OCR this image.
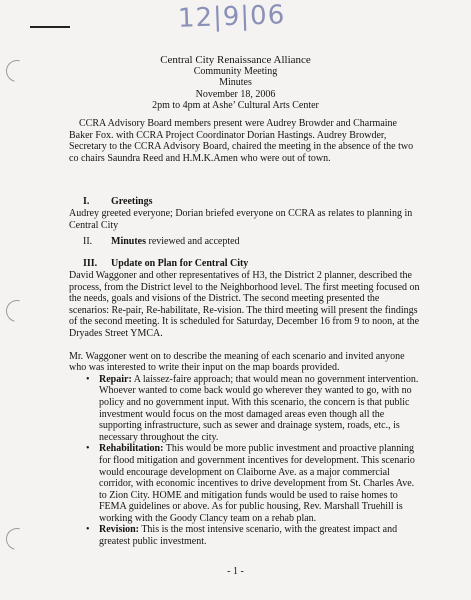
12|9|06
Central City Renaissance Alliance
Community Meeting
Minutes
November 18, 2006
2pm to 4pm at Ashe’ Cultural Arts Center
CCRA Advisory Board members present were Audrey Browder and Charmaine Baker Fox. with CCRA Project Coordinator Dorian Hastings. Audrey Browder, Secretary to the CCRA Advisory Board, chaired the meeting in the absence of the two co chairs Saundra Reed and H.M.K.Amen who were out of town.
I. Greetings
Audrey greeted everyone; Dorian briefed everyone on CCRA as relates to planning in Central City
II. Minutes reviewed and accepted
III. Update on Plan for Central City
David Waggoner and other representatives of H3, the District 2 planner, described the process, from the District level to the Neighborhood level. The first meeting focused on the needs, goals and visions of the District. The second meeting presented the scenarios: Re-pair, Re-habilitate, Re-vision. The third meeting will present the findings of the second meeting. It is scheduled for Saturday, December 16 from 9 to noon, at the Dryades Street YMCA.
Mr. Waggoner went on to describe the meaning of each scenario and invited anyone who was interested to write their input on the map boards provided.
• Repair: A laissez-faire approach; that would mean no government intervention. Whoever wanted to come back would go wherever they wanted to go, with no policy and no government input. With this scenario, the concern is that public investment would focus on the most damaged areas even though all the supporting infrastructure, such as sewer and drainage system, roads, etc., is necessary throughout the city.
• Rehabilitation: This would be more public investment and proactive planning for flood mitigation and government incentives for development. This scenario would encourage development on Claiborne Ave. as a major commercial corridor, with economic incentives to drive development from St. Charles Ave. to Zion City. HOME and mitigation funds would be used to raise homes to FEMA guidelines or above. As for public housing, Rev. Marshall Truehill is working with the Goody Clancy team on a rehab plan.
• Revision: This is the most intensive scenario, with the greatest impact and greatest public investment.
- 1 -
